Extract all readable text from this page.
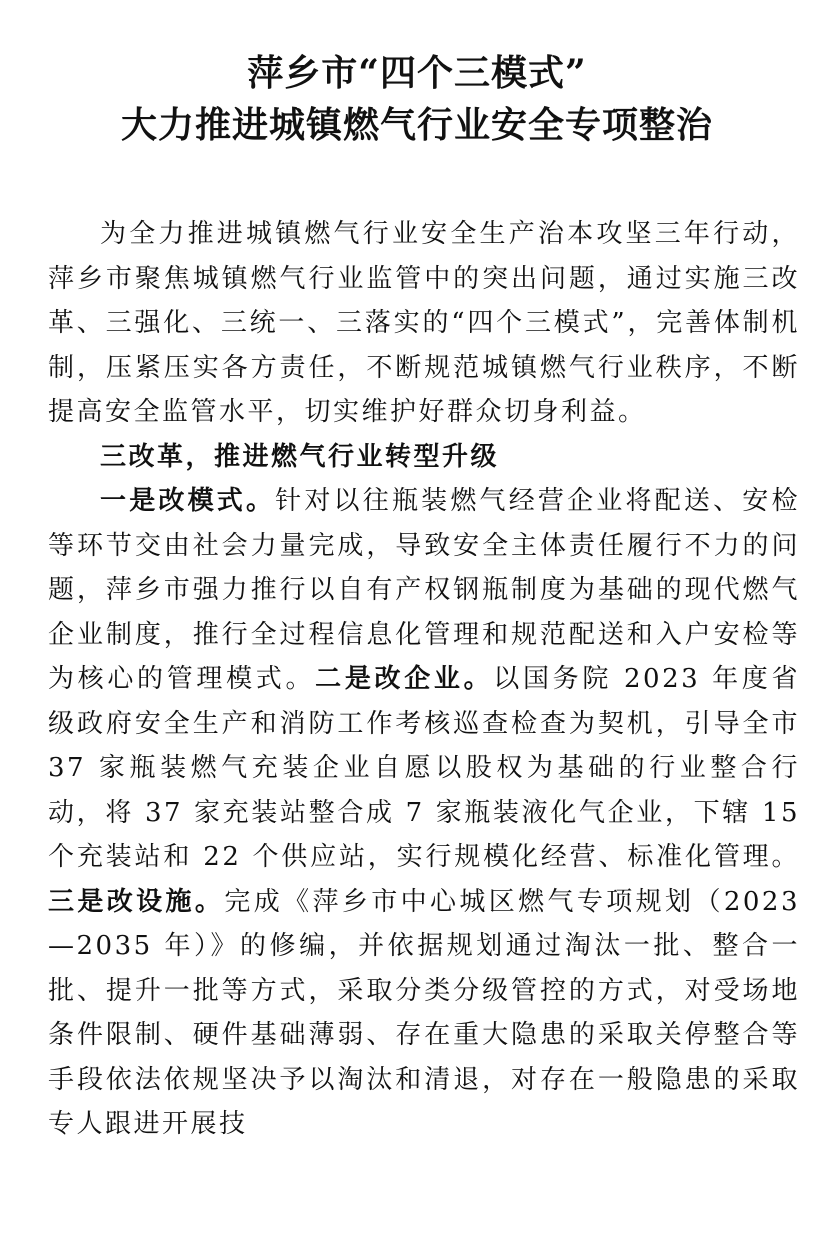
萍乡市“四个三模式”
大力推进城镇燃气行业安全专项整治

为全力推进城镇燃气行业安全生产治本攻坚三年行动，萍乡市聚焦城镇燃气行业监管中的突出问题，通过实施三改革、三强化、三统一、三落实的“四个三模式”，完善体制机制，压紧压实各方责任，不断规范城镇燃气行业秩序，不断提高安全监管水平，切实维护好群众切身利益。

三改革，推进燃气行业转型升级

一是改模式。针对以往瓶装燃气经营企业将配送、安检等环节交由社会力量完成，导致安全主体责任履行不力的问题，萍乡市强力推行以自有产权钢瓶制度为基础的现代燃气企业制度，推行全过程信息化管理和规范配送和入户安检等为核心的管理模式。二是改企业。以国务院 2023 年度省级政府安全生产和消防工作考核巡查检查为契机，引导全市 37 家瓶装燃气充装企业自愿以股权为基础的行业整合行动，将 37 家充装站整合成 7 家瓶装液化气企业，下辖 15 个充装站和 22 个供应站，实行规模化经营、标准化管理。三是改设施。完成《萍乡市中心城区燃气专项规划（2023—2035 年）》的修编，并依据规划通过淘汰一批、整合一批、提升一批等方式，采取分类分级管控的方式，对受场地条件限制、硬件基础薄弱、存在重大隐患的采取关停整合等手段依法依规坚决予以淘汰和清退，对存在一般隐患的采取专人跟进开展技
